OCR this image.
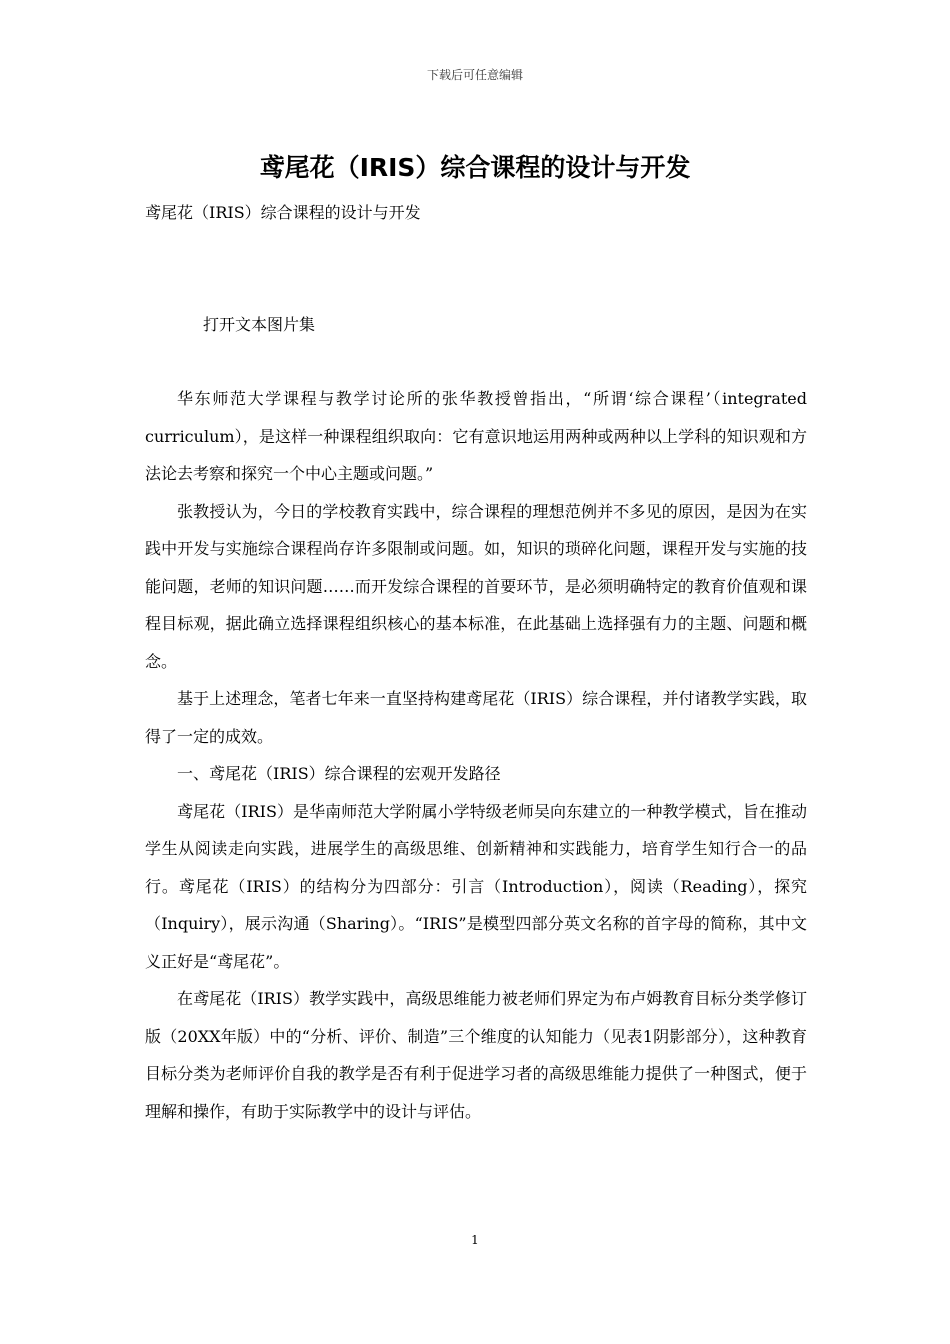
下载后可任意编辑
鸢尾花（IRIS）综合课程的设计与开发

鸢尾花（IRIS）综合课程的设计与开发

打开文本图片集

华东师范大学课程与教学讨论所的张华教授曾指出，“所谓‘综合课程’（integrated curriculum），是这样一种课程组织取向：它有意识地运用两种或两种以上学科的知识观和方法论去考察和探究一个中心主题或问题。”

张教授认为，今日的学校教育实践中，综合课程的理想范例并不多见的原因，是因为在实践中开发与实施综合课程尚存许多限制或问题。如，知识的琐碎化问题，课程开发与实施的技能问题，老师的知识问题……而开发综合课程的首要环节，是必须明确特定的教育价值观和课程目标观，据此确立选择课程组织核心的基本标准，在此基础上选择强有力的主题、问题和概念。

基于上述理念，笔者七年来一直坚持构建鸢尾花（IRIS）综合课程，并付诸教学实践，取得了一定的成效。

一、鸢尾花（IRIS）综合课程的宏观开发路径

鸢尾花（IRIS）是华南师范大学附属小学特级老师吴向东建立的一种教学模式，旨在推动学生从阅读走向实践，进展学生的高级思维、创新精神和实践能力，培育学生知行合一的品行。鸢尾花（IRIS）的结构分为四部分：引言（Introduction），阅读（Reading），探究（Inquiry），展示沟通（Sharing）。“IRIS”是模型四部分英文名称的首字母的简称，其中文义正好是“鸢尾花”。

在鸢尾花（IRIS）教学实践中，高级思维能力被老师们界定为布卢姆教育目标分类学修订版（20XX年版）中的“分析、评价、制造”三个维度的认知能力（见表1阴影部分），这种教育目标分类为老师评价自我的教学是否有利于促进学习者的高级思维能力提供了一种图式，便于理解和操作，有助于实际教学中的设计与评估。

1
